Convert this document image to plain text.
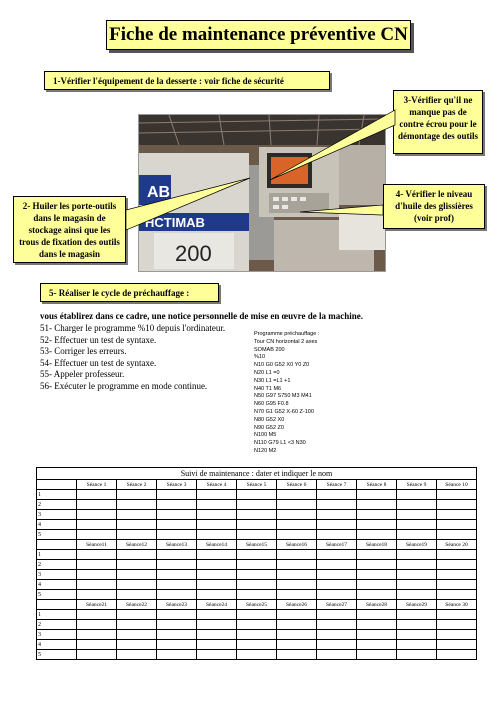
Fiche de maintenance préventive CN
1-Vérifier l'équipement de la desserte : voir fiche de sécurité
AB
HCTIMAB
200
3-Vérifier qu'il ne manque pas de contre écrou pour le démontage des outils
2- Huiler les porte-outils dans le magasin de stockage ainsi que les trous de fixation des outils dans le magasin
4- Vérifier le niveau d'huile des glissières (voir prof)
5- Réaliser le cycle de préchauffage :
vous établirez dans ce cadre, une notice personnelle de mise en œuvre de la machine.
51- Charger le programme %10 depuis l'ordinateur.
52- Effectuer un test de syntaxe.
53- Corriger les erreurs.
54- Effectuer un test de syntaxe.
55- Appeler professeur.
56- Exécuter le programme en mode continue.
Programme préchauffage :
Tour CN horizontal 2 axes
SOMAB 200
%10
N10 G0 G52 X0 Y0 Z0
N20 L1 =0
N30 L1 =L1 +1
N40 T1 M6
N50 G97 S750 M3 M41
N60 G95 F0.8
N70 G1 G52 X-60 Z-100
N80 G52 X0
N90 G52 Z0
N100 M5
N110 G79 L1 <3 N30
N120 M2
Suivi de maintenance : dater et indiquer le nom										
	Séance 1	Séance 2	Séance 3	Séance 4	Séance 5	Séance 6	Séance 7	Séance 8	Séance 9	Séance 10
1										
2										
3										
4										
5										
	Séance11	Séance12	Séance13	Séance14	Séance15	Séance16	Séance17	Séance18	Séance19	Séance 20
1										
2										
3										
4										
5										
	Séance21	Séance22	Séance23	Séance24	Séance25	Séance26	Séance27	Séance28	Séance29	Séance 30
1										
2										
3										
4										
5										
